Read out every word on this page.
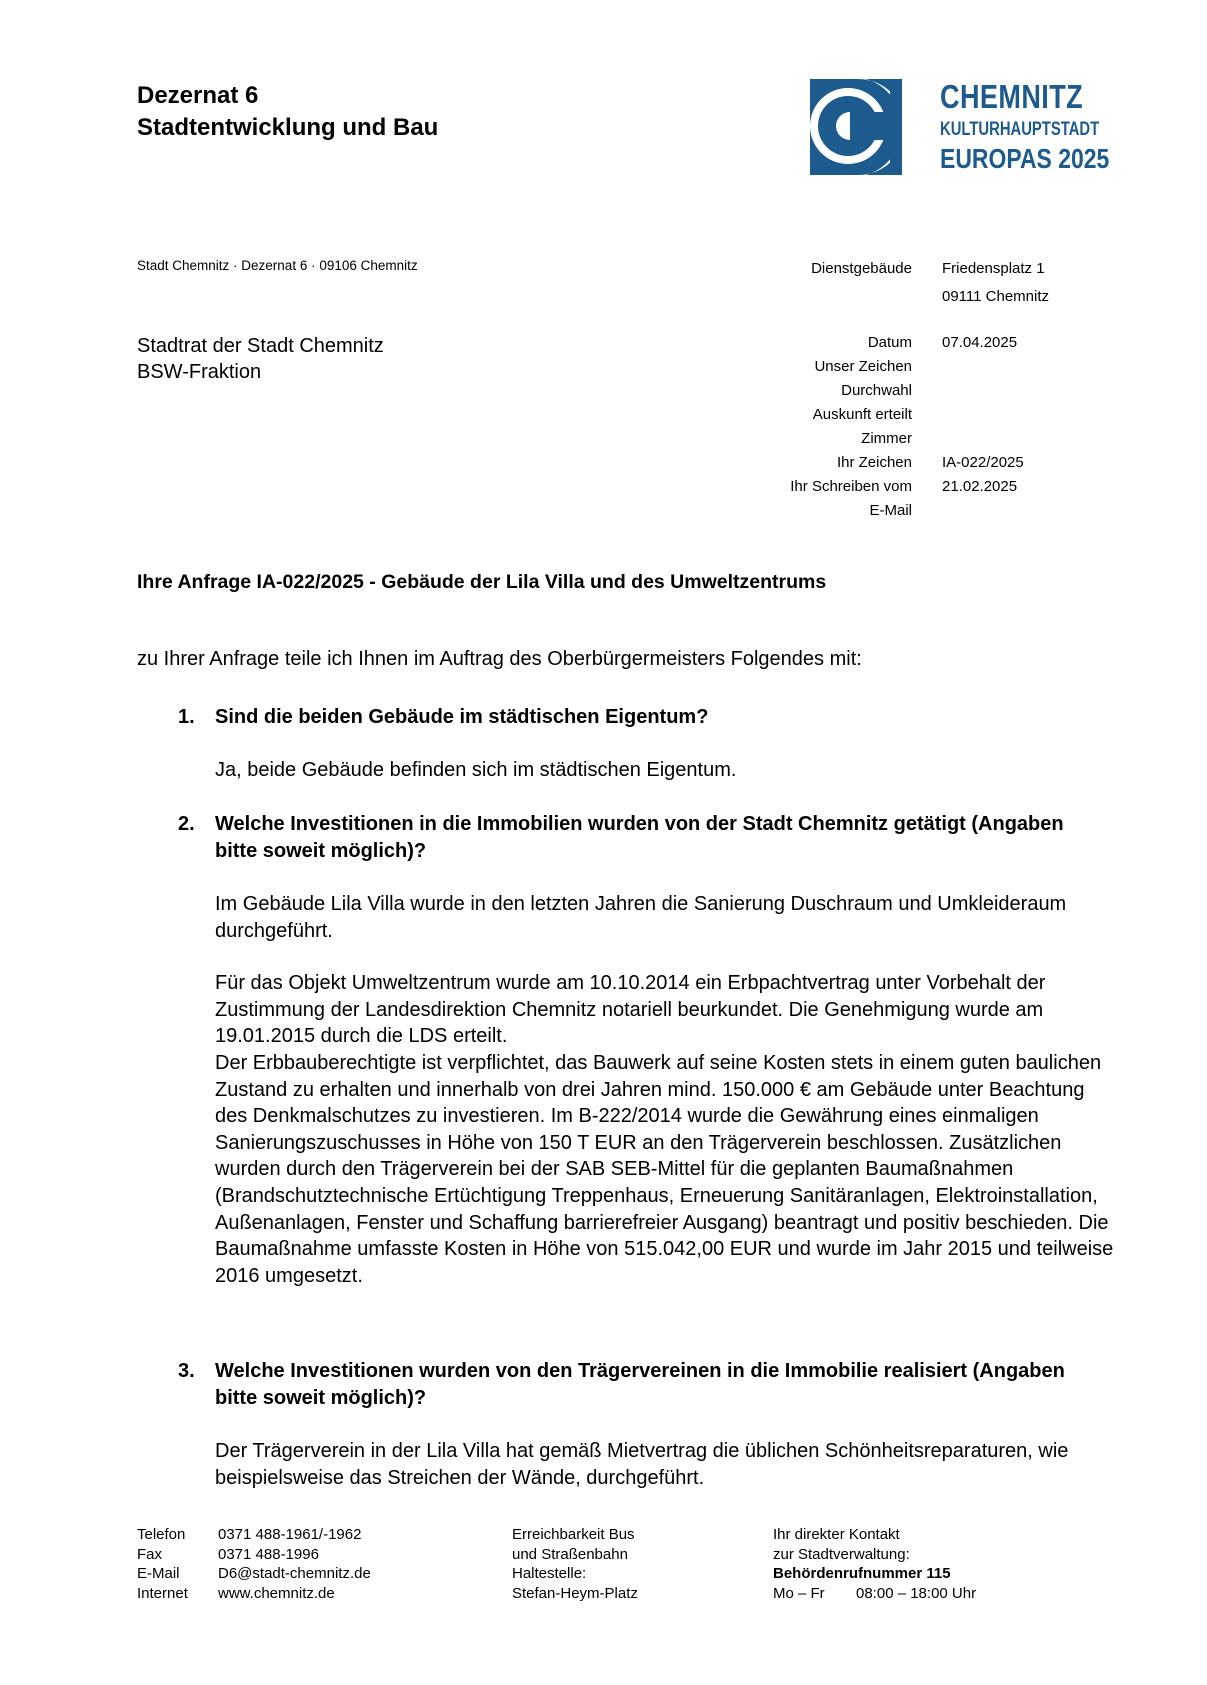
Dezernat 6
Stadtentwicklung und Bau
CHEMNITZ
KULTURHAUPTSTADT
EUROPAS 2025
Stadt Chemnitz · Dezernat 6 · 09106 Chemnitz
Stadtrat der Stadt Chemnitz
BSW-Fraktion
Dienstgebäude Friedensplatz 1
09111 Chemnitz
Datum 07.04.2025
Unser Zeichen
Durchwahl
Auskunft erteilt
Zimmer
Ihr Zeichen IA-022/2025
Ihr Schreiben vom 21.02.2025
E-Mail
Ihre Anfrage IA-022/2025 - Gebäude der Lila Villa und des Umweltzentrums
zu Ihrer Anfrage teile ich Ihnen im Auftrag des Oberbürgermeisters Folgendes mit:
1. Sind die beiden Gebäude im städtischen Eigentum?

Ja, beide Gebäude befinden sich im städtischen Eigentum.

2. Welche Investitionen in die Immobilien wurden von der Stadt Chemnitz getätigt (Angaben bitte soweit möglich)?

Im Gebäude Lila Villa wurde in den letzten Jahren die Sanierung Duschraum und Umkleideraum durchgeführt.

Für das Objekt Umweltzentrum wurde am 10.10.2014 ein Erbpachtvertrag unter Vorbehalt der Zustimmung der Landesdirektion Chemnitz notariell beurkundet. Die Genehmigung wurde am 19.01.2015 durch die LDS erteilt.

Der Erbbauberechtigte ist verpflichtet, das Bauwerk auf seine Kosten stets in einem guten baulichen Zustand zu erhalten und innerhalb von drei Jahren mind. 150.000 € am Gebäude unter Beachtung des Denkmalschutzes zu investieren. Im B-222/2014 wurde die Gewährung eines einmaligen Sanierungszuschusses in Höhe von 150 T EUR an den Trägerverein beschlossen. Zusätzlichen wurden durch den Trägerverein bei der SAB SEB-Mittel für die geplanten Baumaßnahmen (Brandschutztechnische Ertüchtigung Treppenhaus, Erneuerung Sanitäranlagen, Elektroinstallation, Außenanlagen, Fenster und Schaffung barrierefreier Ausgang) beantragt und positiv beschieden. Die Baumaßnahme umfasste Kosten in Höhe von 515.042,00 EUR und wurde im Jahr 2015 und teilweise 2016 umgesetzt.

3. Welche Investitionen wurden von den Trägervereinen in die Immobilie realisiert (Angaben bitte soweit möglich)?

Der Trägerverein in der Lila Villa hat gemäß Mietvertrag die üblichen Schönheitsreparaturen, wie beispielsweise das Streichen der Wände, durchgeführt.

Telefon	0371 488-1961/-1962
Fax	0371 488-1996
E-Mail	D6@stadt-chemnitz.de
Internet	www.chemnitz.de
Erreichbarkeit Bus
und Straßenbahn
Haltestelle:
Stefan-Heym-Platz
Ihr direkter Kontakt
zur Stadtverwaltung:
Behördenrufnummer 115
Mo – Fr 08:00 – 18:00 Uhr
